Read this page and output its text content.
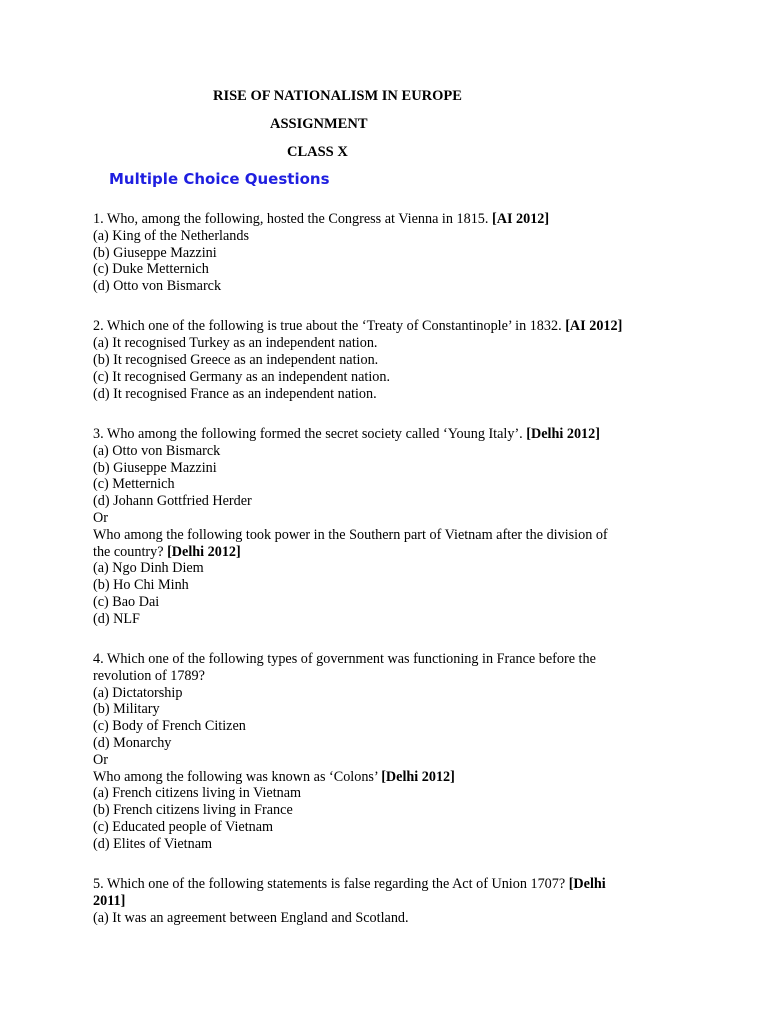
RISE OF NATIONALISM IN EUROPE
ASSIGNMENT
CLASS X
Multiple Choice Questions
1. Who, among the following, hosted the Congress at Vienna in 1815. [AI 2012]
(a) King of the Netherlands
(b) Giuseppe Mazzini
(c) Duke Metternich
(d) Otto von Bismarck
2. Which one of the following is true about the ‘Treaty of Constantinople’ in 1832. [AI 2012]
(a) It recognised Turkey as an independent nation.
(b) It recognised Greece as an independent nation.
(c) It recognised Germany as an independent nation.
(d) It recognised France as an independent nation.
3. Who among the following formed the secret society called ‘Young Italy’. [Delhi 2012]
(a) Otto von Bismarck
(b) Giuseppe Mazzini
(c) Metternich
(d) Johann Gottfried Herder
Or
Who among the following took power in the Southern part of Vietnam after the division of
the country? [Delhi 2012]
(a) Ngo Dinh Diem
(b) Ho Chi Minh
(c) Bao Dai
(d) NLF
4. Which one of the following types of government was functioning in France before the
revolution of 1789?
(a) Dictatorship
(b) Military
(c) Body of French Citizen
(d) Monarchy
Or
Who among the following was known as ‘Colons’ [Delhi 2012]
(a) French citizens living in Vietnam
(b) French citizens living in France
(c) Educated people of Vietnam
(d) Elites of Vietnam
5. Which one of the following statements is false regarding the Act of Union 1707? [Delhi
2011]
(a) It was an agreement between England and Scotland.
